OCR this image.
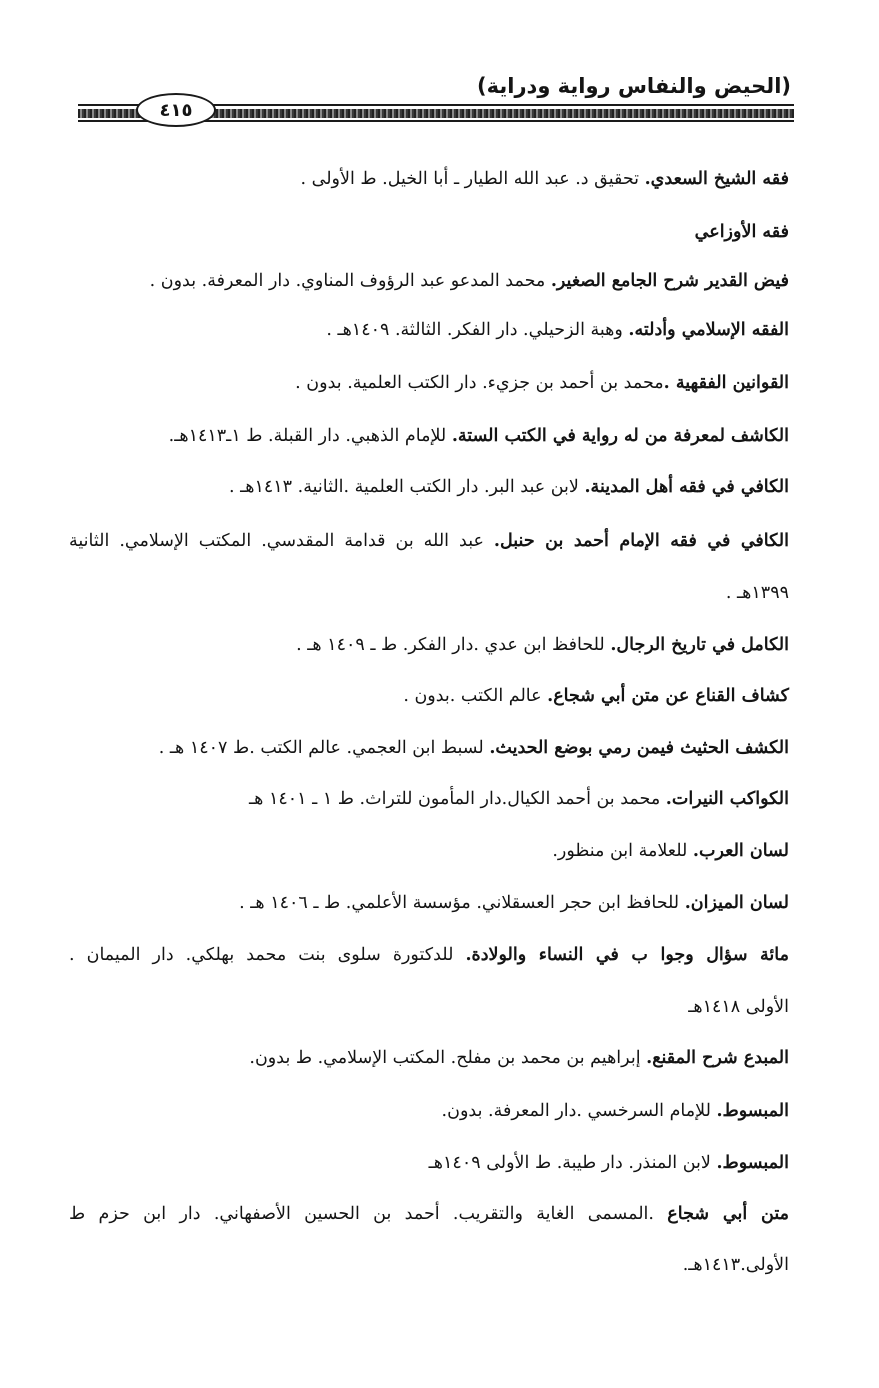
(الحيض والنفاس رواية ودراية)
٤١٥
فقه الشيخ السعدي. تحقيق د. عبد الله الطيار ـ أبا الخيل. ط الأولى .
فقه الأوزاعي
فيض القدير شرح الجامع الصغير. محمد المدعو عبد الرؤوف المناوي. دار المعرفة. بدون .
الفقه الإسلامي وأدلته. وهبة الزحيلي. دار الفكر. الثالثة. ١٤٠٩هـ .
القوانين الفقهية .محمد بن أحمد بن جزيء. دار الكتب العلمية. بدون .
الكاشف لمعرفة من له رواية في الكتب الستة. للإمام الذهبي. دار القبلة. ط ١ـ١٤١٣هـ.
الكافي في فقه أهل المدينة. لابن عبد البر. دار الكتب العلمية .الثانية. ١٤١٣هـ .
الكافي في فقه الإمام أحمد بن حنبل. عبد الله بن قدامة المقدسي. المكتب الإسلامي. الثانية
١٣٩٩هـ .
الكامل في تاريخ الرجال. للحافظ ابن عدي .دار الفكر. ط ـ ١٤٠٩ هـ .
كشاف القناع عن متن أبي شجاع. عالم الكتب .بدون .
الكشف الحثيث فيمن رمي بوضع الحديث. لسبط ابن العجمي. عالم الكتب .ط ١٤٠٧ هـ .
الكواكب النيرات. محمد بن أحمد الكيال.دار المأمون للتراث. ط ١ ـ ١٤٠١ هـ
لسان العرب. للعلامة ابن منظور.
لسان الميزان. للحافظ ابن حجر العسقلاني. مؤسسة الأعلمي. ط ـ ١٤٠٦ هـ .
مائة سؤال وجوا ب في النساء والولادة. للدكتورة سلوى بنت محمد بهلكي. دار الميمان .
الأولى ١٤١٨هـ
المبدع شرح المقنع. إبراهيم بن محمد بن مفلح. المكتب الإسلامي. ط بدون.
المبسوط. للإمام السرخسي .دار المعرفة. بدون.
المبسوط. لابن المنذر. دار طيبة. ط الأولى ١٤٠٩هـ
متن أبي شجاع .المسمى الغاية والتقريب. أحمد بن الحسين الأصفهاني. دار ابن حزم ط
الأولى.١٤١٣هـ.
